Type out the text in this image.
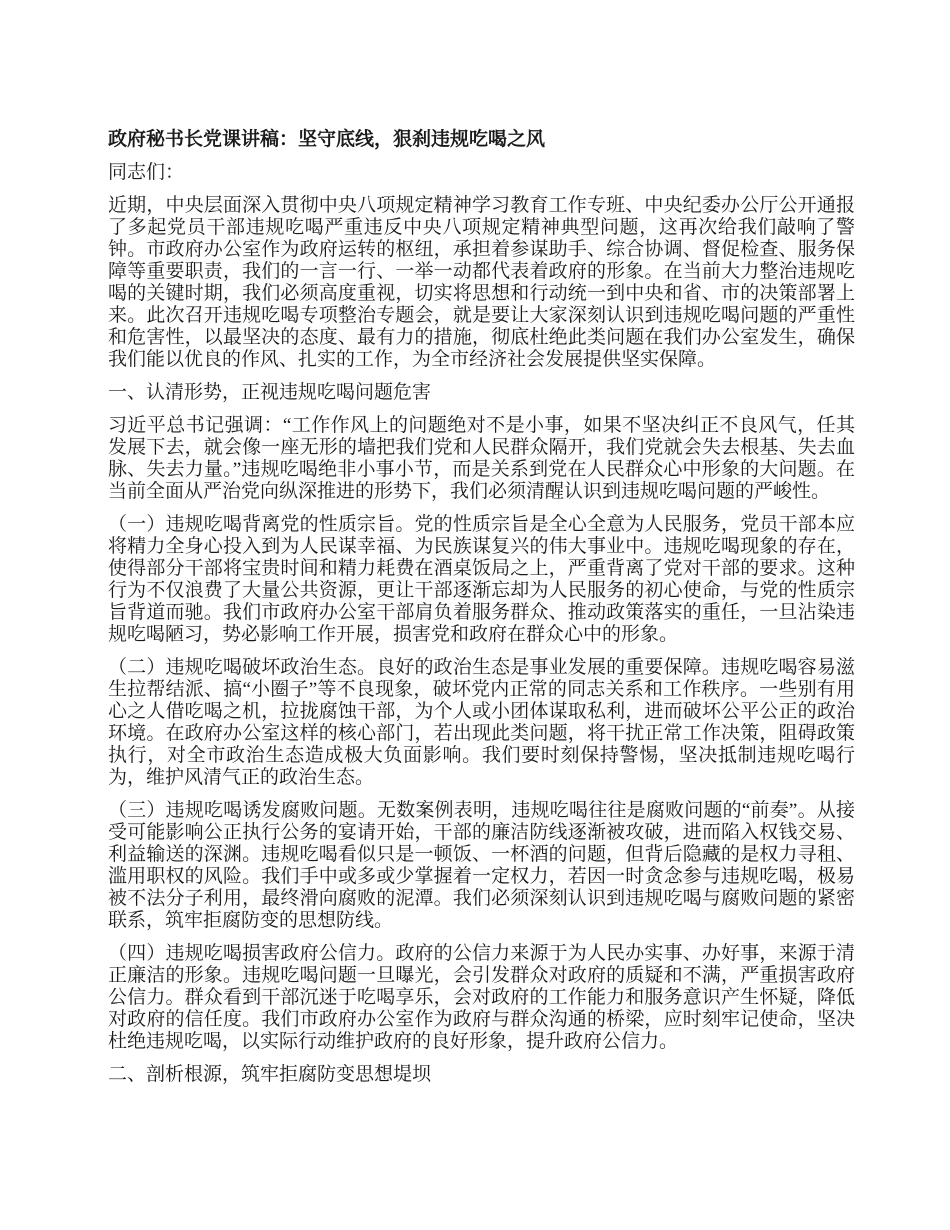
政府秘书长党课讲稿：坚守底线，狠刹违规吃喝之风

同志们：

近期，中央层面深入贯彻中央八项规定精神学习教育工作专班、中央纪委办公厅公开通报了多起党员干部违规吃喝严重违反中央八项规定精神典型问题，这再次给我们敲响了警钟。市政府办公室作为政府运转的枢纽，承担着参谋助手、综合协调、督促检查、服务保障等重要职责，我们的一言一行、一举一动都代表着政府的形象。在当前大力整治违规吃喝的关键时期，我们必须高度重视，切实将思想和行动统一到中央和省、市的决策部署上来。此次召开违规吃喝专项整治专题会，就是要让大家深刻认识到违规吃喝问题的严重性和危害性，以最坚决的态度、最有力的措施，彻底杜绝此类问题在我们办公室发生，确保我们能以优良的作风、扎实的工作，为全市经济社会发展提供坚实保障。

一、认清形势，正视违规吃喝问题危害

习近平总书记强调：“工作作风上的问题绝对不是小事，如果不坚决纠正不良风气，任其发展下去，就会像一座无形的墙把我们党和人民群众隔开，我们党就会失去根基、失去血脉、失去力量。”违规吃喝绝非小事小节，而是关系到党在人民群众心中形象的大问题。在当前全面从严治党向纵深推进的形势下，我们必须清醒认识到违规吃喝问题的严峻性。

（一）违规吃喝背离党的性质宗旨。党的性质宗旨是全心全意为人民服务，党员干部本应将精力全身心投入到为人民谋幸福、为民族谋复兴的伟大事业中。违规吃喝现象的存在，使得部分干部将宝贵时间和精力耗费在酒桌饭局之上，严重背离了党对干部的要求。这种行为不仅浪费了大量公共资源，更让干部逐渐忘却为人民服务的初心使命，与党的性质宗旨背道而驰。我们市政府办公室干部肩负着服务群众、推动政策落实的重任，一旦沾染违规吃喝陋习，势必影响工作开展，损害党和政府在群众心中的形象。

（二）违规吃喝破坏政治生态。良好的政治生态是事业发展的重要保障。违规吃喝容易滋生拉帮结派、搞“小圈子”等不良现象，破坏党内正常的同志关系和工作秩序。一些别有用心之人借吃喝之机，拉拢腐蚀干部，为个人或小团体谋取私利，进而破坏公平公正的政治环境。在政府办公室这样的核心部门，若出现此类问题，将干扰正常工作决策，阻碍政策执行，对全市政治生态造成极大负面影响。我们要时刻保持警惕，坚决抵制违规吃喝行为，维护风清气正的政治生态。

（三）违规吃喝诱发腐败问题。无数案例表明，违规吃喝往往是腐败问题的“前奏”。从接受可能影响公正执行公务的宴请开始，干部的廉洁防线逐渐被攻破，进而陷入权钱交易、利益输送的深渊。违规吃喝看似只是一顿饭、一杯酒的问题，但背后隐藏的是权力寻租、滥用职权的风险。我们手中或多或少掌握着一定权力，若因一时贪念参与违规吃喝，极易被不法分子利用，最终滑向腐败的泥潭。我们必须深刻认识到违规吃喝与腐败问题的紧密联系，筑牢拒腐防变的思想防线。

（四）违规吃喝损害政府公信力。政府的公信力来源于为人民办实事、办好事，来源于清正廉洁的形象。违规吃喝问题一旦曝光，会引发群众对政府的质疑和不满，严重损害政府公信力。群众看到干部沉迷于吃喝享乐，会对政府的工作能力和服务意识产生怀疑，降低对政府的信任度。我们市政府办公室作为政府与群众沟通的桥梁，应时刻牢记使命，坚决杜绝违规吃喝，以实际行动维护政府的良好形象，提升政府公信力。

二、剖析根源，筑牢拒腐防变思想堤坝
